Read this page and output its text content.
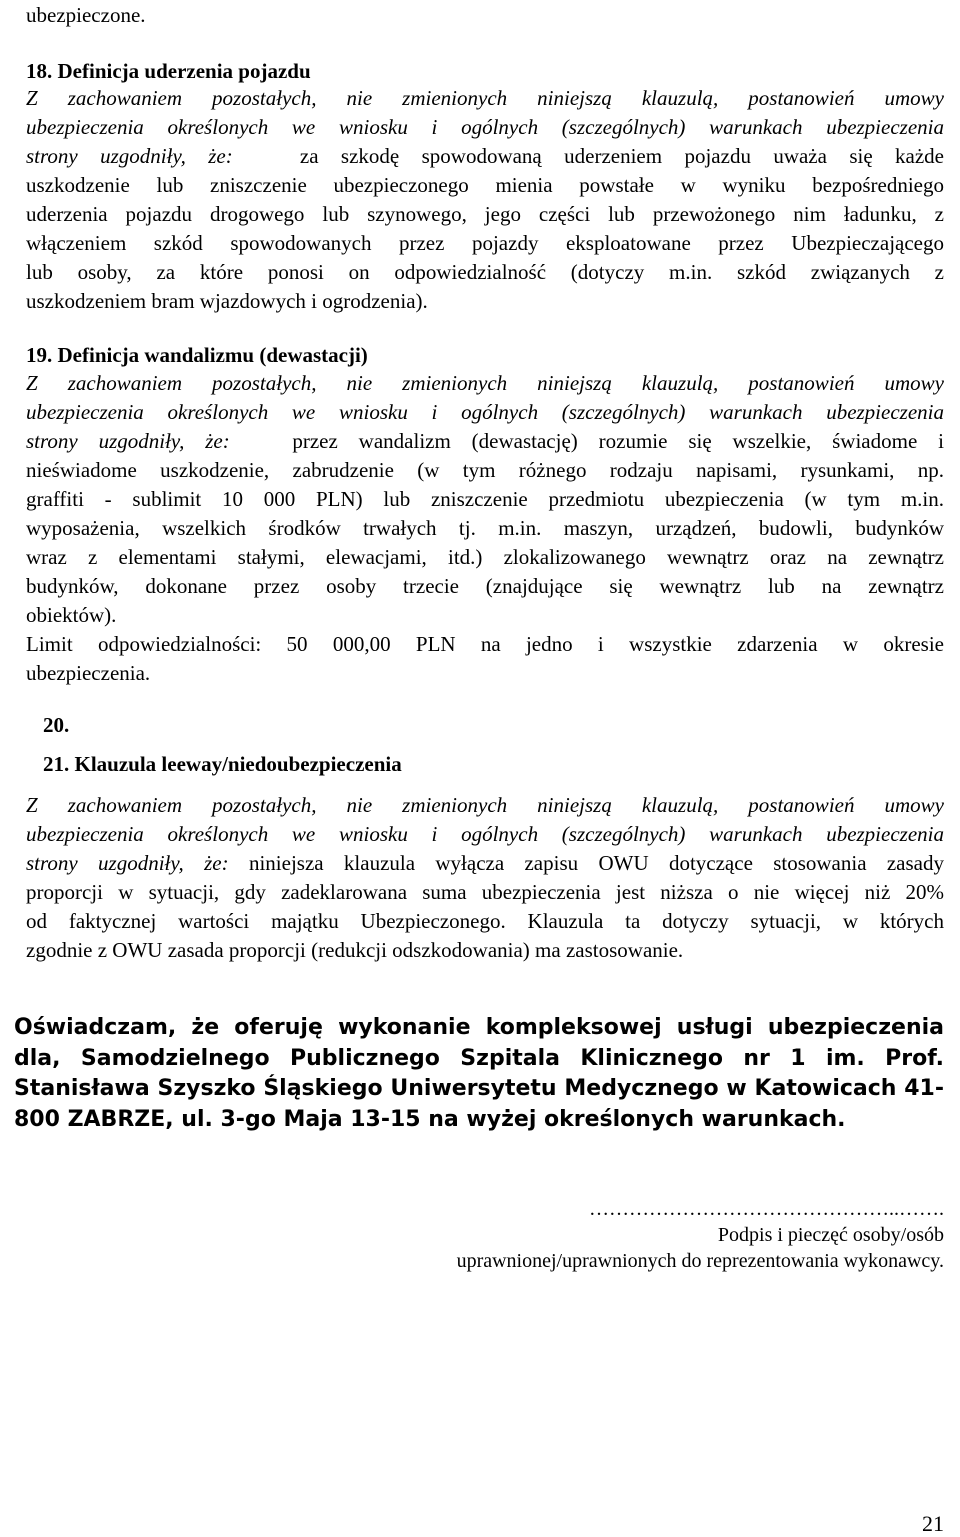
ubezpieczone.
18. Definicja uderzenia pojazdu
Z zachowaniem pozostałych, nie zmienionych niniejszą klauzulą, postanowień umowy
ubezpieczenia określonych we wniosku i ogólnych (szczególnych) warunkach ubezpieczenia
strony uzgodniły, że:	za szkodę spowodowaną uderzeniem pojazdu uważa się każde
uszkodzenie lub zniszczenie ubezpieczonego mienia powstałe w wyniku bezpośredniego
uderzenia pojazdu drogowego lub szynowego, jego części lub przewożonego nim ładunku, z
włączeniem szkód spowodowanych przez pojazdy eksploatowane przez Ubezpieczającego
lub osoby, za które ponosi on odpowiedzialność (dotyczy m.in. szkód związanych z
uszkodzeniem bram wjazdowych i ogrodzenia).
19. Definicja wandalizmu (dewastacji)
Z zachowaniem pozostałych, nie zmienionych niniejszą klauzulą, postanowień umowy
ubezpieczenia określonych we wniosku i ogólnych (szczególnych) warunkach ubezpieczenia
strony uzgodniły, że:	przez wandalizm (dewastację) rozumie się wszelkie, świadome i
nieświadome uszkodzenie, zabrudzenie (w tym różnego rodzaju napisami, rysunkami, np.
graffiti - sublimit 10 000 PLN) lub zniszczenie przedmiotu ubezpieczenia (w tym m.in.
wyposażenia, wszelkich środków trwałych tj. m.in. maszyn, urządzeń, budowli, budynków
wraz z elementami stałymi, elewacjami, itd.) zlokalizowanego wewnątrz oraz na zewnątrz
budynków, dokonane przez osoby trzecie (znajdujące się wewnątrz lub na zewnątrz
obiektów).
Limit odpowiedzialności: 50 000,00 PLN na jedno i wszystkie zdarzenia w okresie
ubezpieczenia.
20.
21. Klauzula leeway/niedoubezpieczenia
Z zachowaniem pozostałych, nie zmienionych niniejszą klauzulą, postanowień umowy
ubezpieczenia określonych we wniosku i ogólnych (szczególnych) warunkach ubezpieczenia
strony uzgodniły, że: niniejsza klauzula wyłącza zapisu OWU dotyczące stosowania zasady
proporcji w sytuacji, gdy zadeklarowana suma ubezpieczenia jest niższa o nie więcej niż 20%
od faktycznej wartości majątku Ubezpieczonego. Klauzula ta dotyczy sytuacji, w których
zgodnie z OWU zasada proporcji (redukcji odszkodowania) ma zastosowanie.
Oświadczam, że oferuję wykonanie kompleksowej usługi ubezpieczenia dla, Samodzielnego Publicznego Szpitala Klinicznego nr 1 im. Prof. Stanisława Szyszko Śląskiego Uniwersytetu Medycznego w Katowicach 41-800 ZABRZE, ul. 3-go Maja 13-15 na wyżej określonych warunkach.
………………………………………..…….
Podpis i pieczęć osoby/osób
uprawnionej/uprawnionych do reprezentowania wykonawcy.
21
